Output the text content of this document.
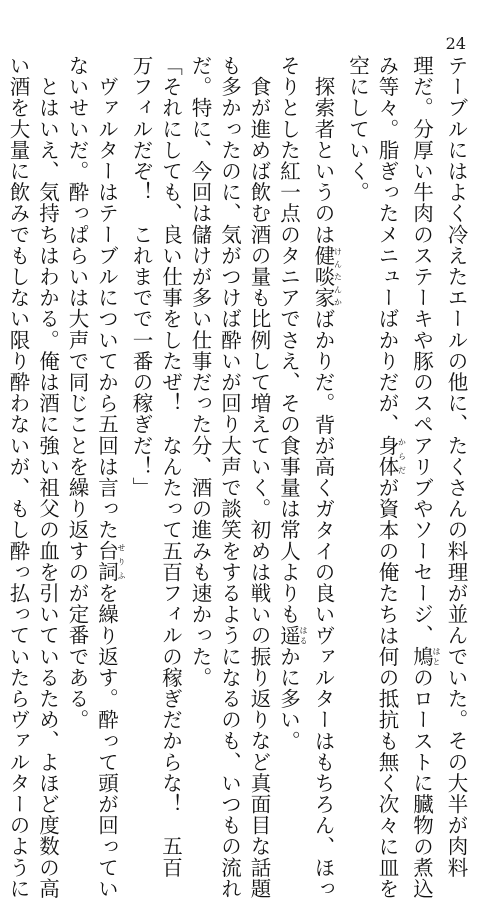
24
テーブルにはよく冷えたエールの他に、たくさんの料理が並んでいた。その大半が肉料
理だ。分厚い牛肉のステーキや豚のスペアリブやソーセージ、鳩はとのローストに臓物の煮込
み等々。脂ぎったメニューばかりだが、身体からだが資本の俺たちは何の抵抗も無く次々に皿を
空にしていく。
　探索者というのは健啖家けんたんかばかりだ。背が高くガタイの良いヴァルターはもちろん、ほっ
そりとした紅一点のタニアでさえ、その食事量は常人よりも遥はるかに多い。
　食が進めば飲む酒の量も比例して増えていく。初めは戦いの振り返りなど真面目な話題
も多かったのに、気がつけば酔いが回り大声で談笑をするようになるのも、いつもの流れ
だ。特に、今回は儲けが多い仕事だった分、酒の進みも速かった。
「それにしても、良い仕事をしたぜ！　なんたって五百フィルの稼ぎだからな！　五百
万フィルだぞ！　これまでで一番の稼ぎだ！」
　ヴァルターはテーブルについてから五回は言った台詞せりふを繰り返す。酔って頭が回ってい
ないせいだ。酔っぱらいは大声で同じことを繰り返すのが定番である。
　とはいえ、気持ちはわかる。俺は酒に強い祖父の血を引いているため、よほど度数の高
い酒を大量に飲みでもしない限り酔わないが、もし酔っ払っていたらヴァルターのように
